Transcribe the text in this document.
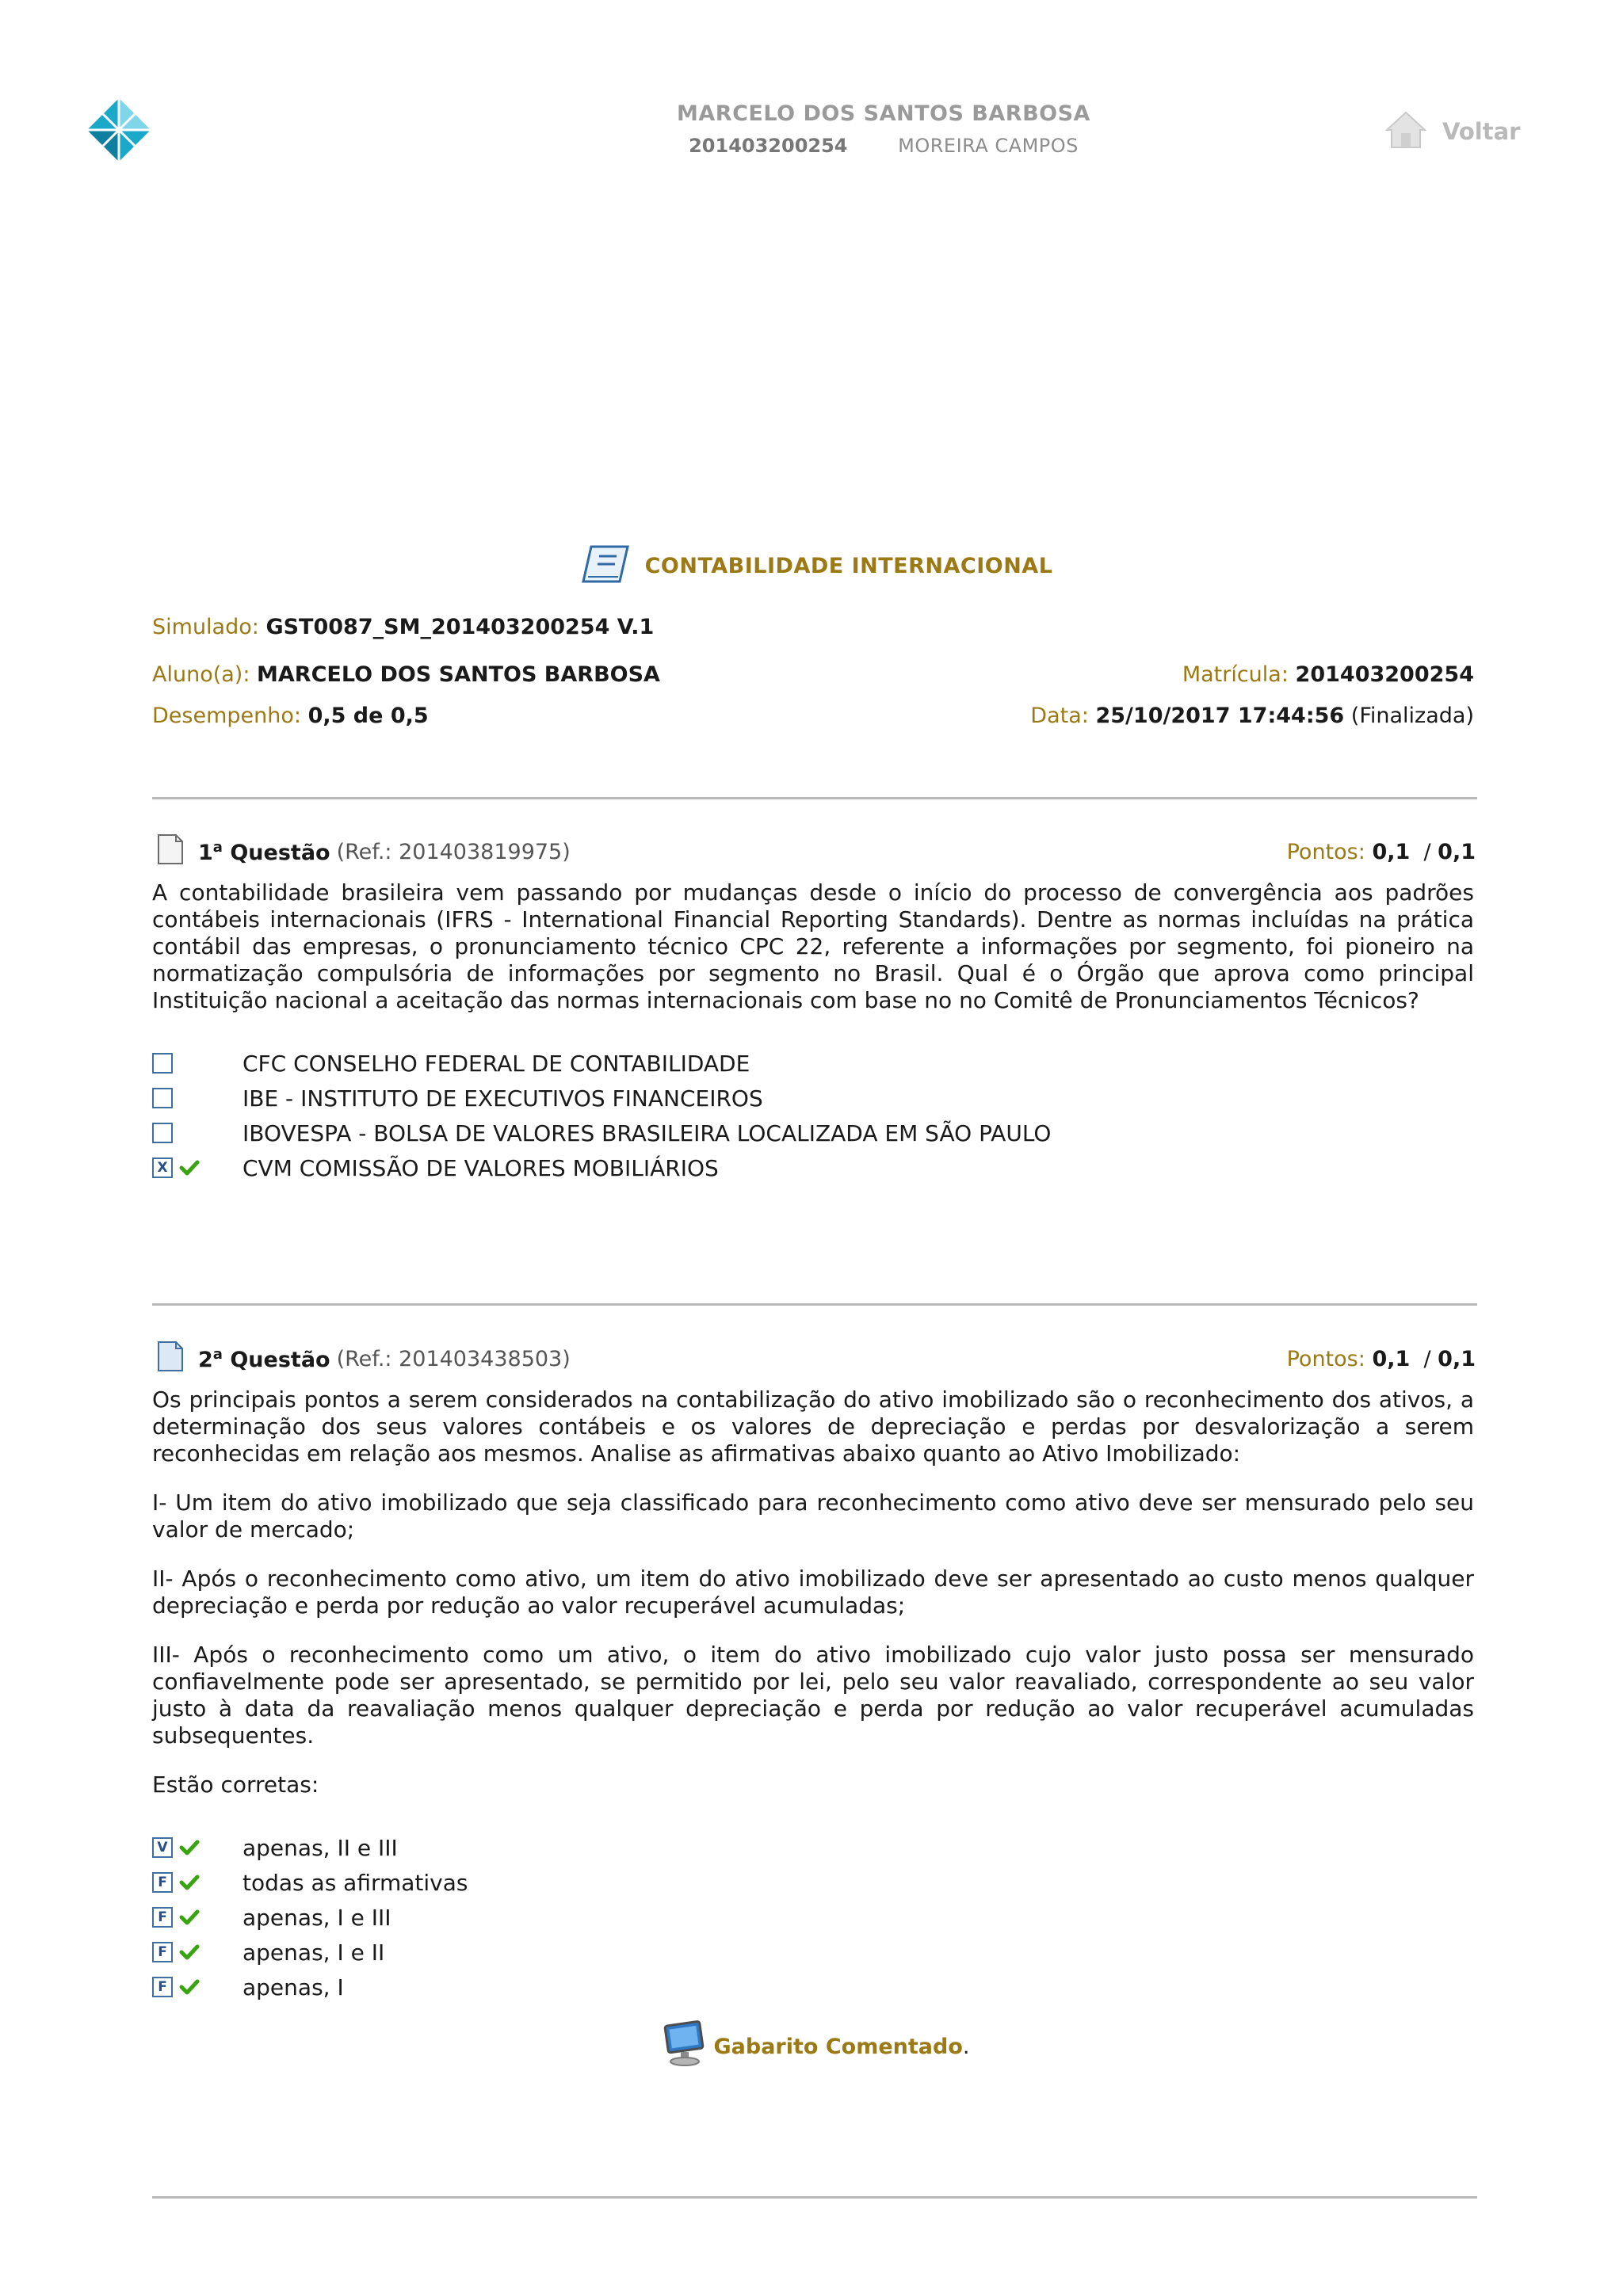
MARCELO DOS SANTOS BARBOSA
201403200254	MOREIRA CAMPOS
Voltar
CONTABILIDADE INTERNACIONAL
Simulado: GST0087_SM_201403200254 V.1
Aluno(a): MARCELO DOS SANTOS BARBOSA	Matrícula: 201403200254
Desempenho: 0,5 de 0,5	Data: 25/10/2017 17:44:56 (Finalizada)
1$^a$ Questão (Ref.: 201403819975)	Pontos: 0,1 / 0,1

A contabilidade brasileira vem passando por mudanças desde o início do processo de convergência aos padrões contábeis internacionais (IFRS - International Financial Reporting Standards). Dentre as normas incluídas na prática contábil das empresas, o pronunciamento técnico CPC 22, referente a informações por segmento, foi pioneiro na normatização compulsória de informações por segmento no Brasil. Qual é o Órgão que aprova como principal Instituição nacional a aceitação das normas internacionais com base no no Comitê de Pronunciamentos Técnicos?

CFC CONSELHO FEDERAL DE CONTABILIDADE
IBE - INSTITUTO DE EXECUTIVOS FINANCEIROS
IBOVESPA - BOLSA DE VALORES BRASILEIRA LOCALIZADA EM SÃO PAULO
X	CVM COMISSÃO DE VALORES MOBILIÁRIOS
2$^a$ Questão (Ref.: 201403438503)	Pontos: 0,1 / 0,1

Os principais pontos a serem considerados na contabilização do ativo imobilizado são o reconhecimento dos ativos, a determinação dos seus valores contábeis e os valores de depreciação e perdas por desvalorização a serem reconhecidas em relação aos mesmos. Analise as afirmativas abaixo quanto ao Ativo Imobilizado:

I- Um item do ativo imobilizado que seja classificado para reconhecimento como ativo deve ser mensurado pelo seu valor de mercado;

II- Após o reconhecimento como ativo, um item do ativo imobilizado deve ser apresentado ao custo menos qualquer depreciação e perda por redução ao valor recuperável acumuladas;

III- Após o reconhecimento como um ativo, o item do ativo imobilizado cujo valor justo possa ser mensurado confiavelmente pode ser apresentado, se permitido por lei, pelo seu valor reavaliado, correspondente ao seu valor justo à data da reavaliação menos qualquer depreciação e perda por redução ao valor recuperável acumuladas subsequentes.

Estão corretas:

V	apenas, II e III
F	todas as afirmativas
F	apenas, I e III
F	apenas, I e II
F	apenas, I
Gabarito Comentado .
